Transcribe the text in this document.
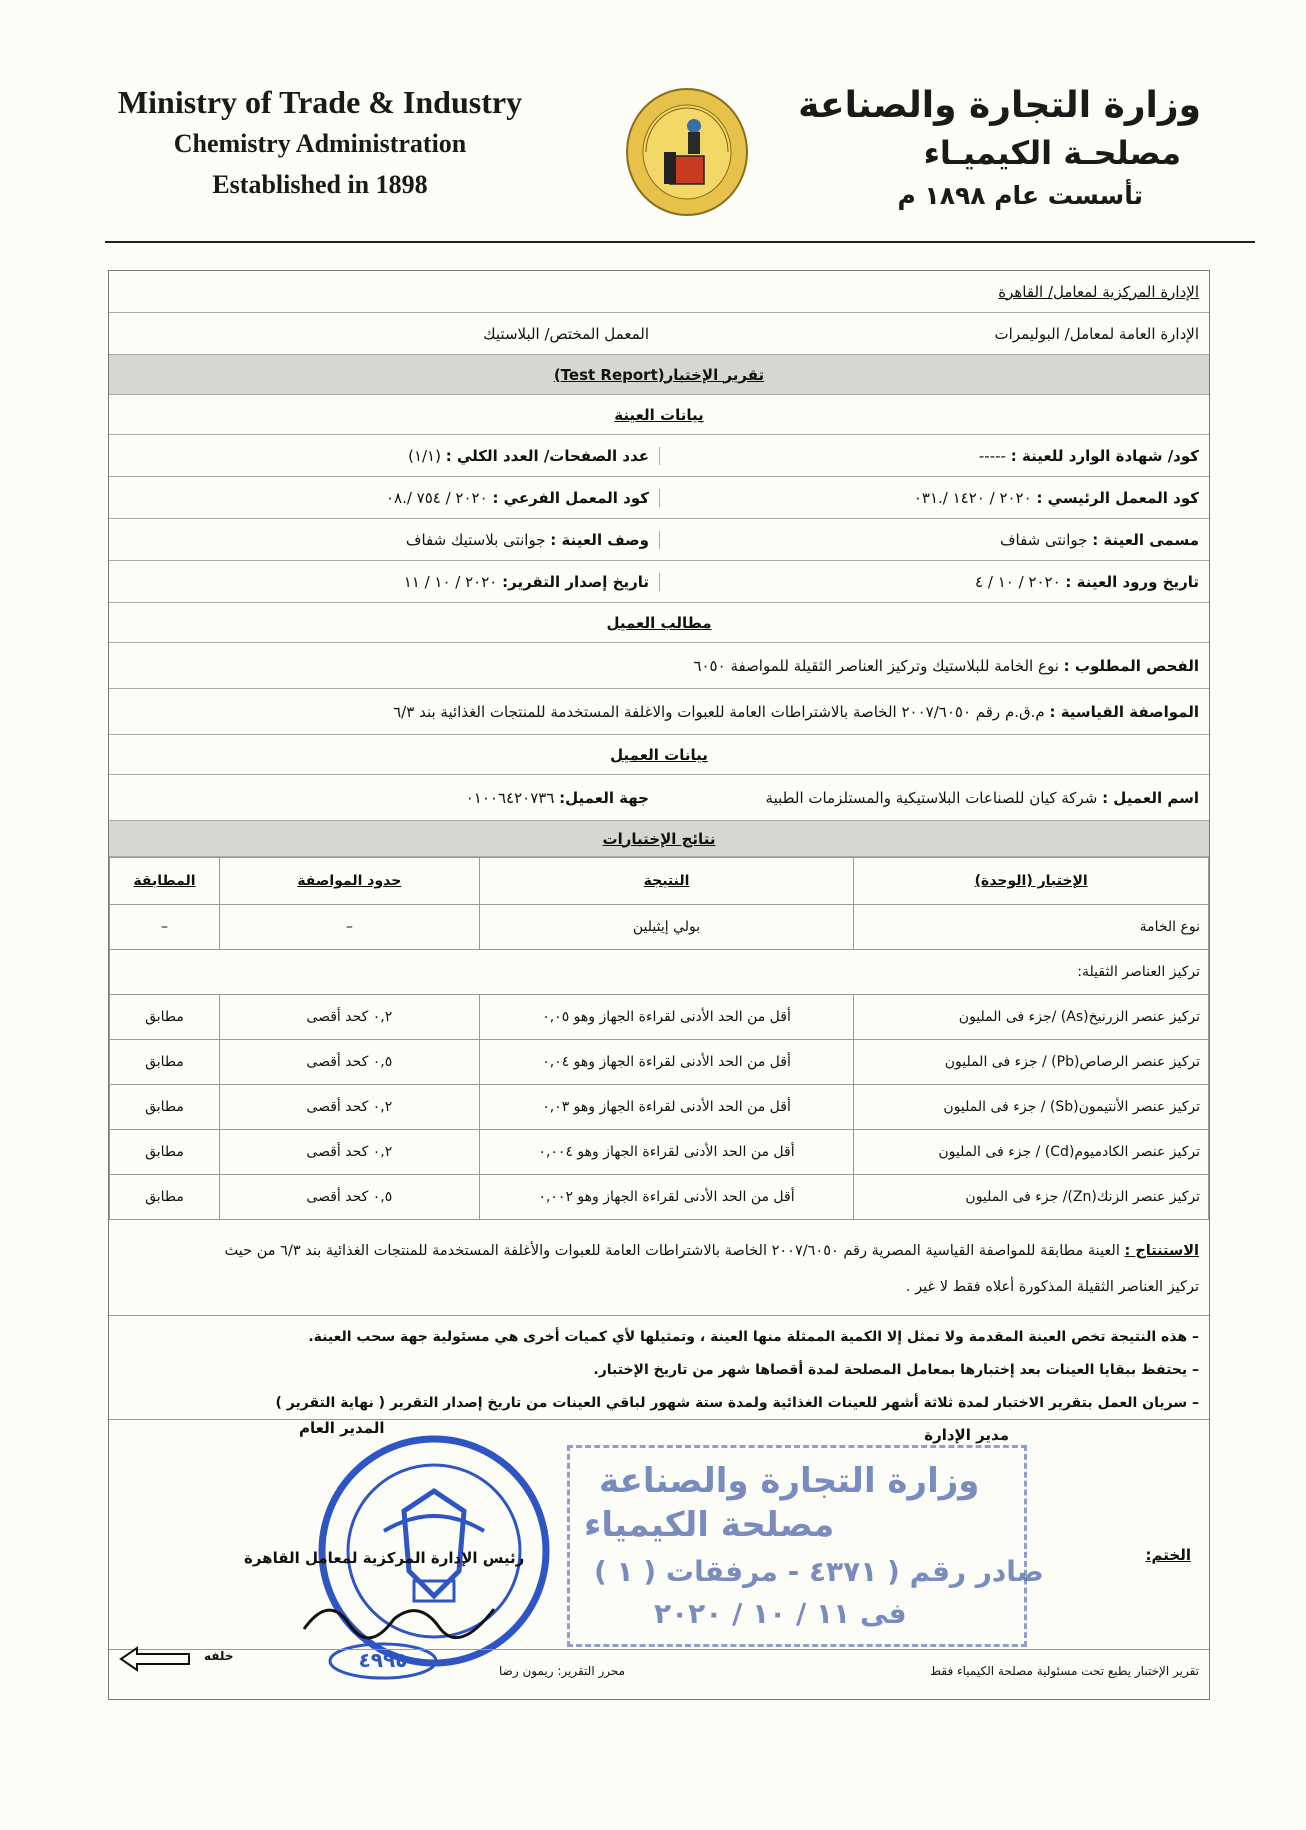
Ministry of Trade & Industry
Chemistry Administration
Established in 1898
وزارة التجارة والصناعة
مصلحـة الكيميـاء
تأسست عام ١٨٩٨ م
الإدارة المركزية لمعامل/ القاهرة
الإدارة العامة لمعامل/ البوليمرات
المعمل المختص/ البلاستيك
تقرير الإختبار(Test Report)
بيانات العينة
كود/ شهادة الوارد للعينة : -----
عدد الصفحات/ العدد الكلي : (١/١)
كود المعمل الرئيسي : ٢٠٢٠ / ١٤٢٠ /.٠٣١
كود المعمل الفرعي : ٢٠٢٠ / ٧٥٤ /.٠٨
مسمى العينة : جوانتى شفاف
وصف العينة : جوانتى بلاستيك شفاف
تاريخ ورود العينة : ٢٠٢٠ / ١٠ / ٤
تاريخ إصدار التقرير: ٢٠٢٠ / ١٠ / ١١
مطالب العميل
الفحص المطلوب : نوع الخامة للبلاستيك وتركيز العناصر الثقيلة للمواصفة ٦٠٥٠
المواصفة القياسية : م.ق.م رقم ٢٠٠٧/٦٠٥٠ الخاصة بالاشتراطات العامة للعبوات والاغلفة المستخدمة للمنتجات الغذائية بند ٦/٣
بيانات العميل
اسم العميل : شركة كيان للصناعات البلاستيكية والمستلزمات الطبية
جهة العميل: ٠١٠٠٦٤٢٠٧٣٦
نتائج الإختبارات
الإختبار (الوحدة)	النتيجة	حدود المواصفة	المطابقة
نوع الخامة	بولي إيثيلين	–	–
تركيز العناصر الثقيلة:			
تركيز عنصر الزرنيخ(As) /جزء فى المليون	أقل من الحد الأدنى لقراءة الجهاز وهو ٠,٠٥	٠,٢ كحد أقصى	مطابق
تركيز عنصر الرصاص(Pb) / جزء فى المليون	أقل من الحد الأدنى لقراءة الجهاز وهو ٠,٠٤	٠,٥ كحد أقصى	مطابق
تركيز عنصر الأنتيمون(Sb) / جزء فى المليون	أقل من الحد الأدنى لقراءة الجهاز وهو ٠,٠٣	٠,٢ كحد أقصى	مطابق
تركيز عنصر الكادميوم(Cd) / جزء فى المليون	أقل من الحد الأدنى لقراءة الجهاز وهو ٠,٠٠٤	٠,٢ كحد أقصى	مطابق
تركيز عنصر الزنك(Zn)/ جزء فى المليون	أقل من الحد الأدنى لقراءة الجهاز وهو ٠,٠٠٢	٠,٥ كحد أقصى	مطابق
الاستنتاج : العينة مطابقة للمواصفة القياسية المصرية رقم ٢٠٠٧/٦٠٥٠ الخاصة بالاشتراطات العامة للعبوات والأغلفة المستخدمة للمنتجات الغذائية بند ٦/٣ من حيث
تركيز العناصر الثقيلة المذكورة أعلاه فقط لا غير .
– هذه النتيجة تخص العينة المقدمة ولا تمثل إلا الكمية الممثلة منها العينة ، وتمثيلها لأي كميات أخرى هي مسئولية جهة سحب العينة.
– يحتفظ ببقايا العينات بعد إختبارها بمعامل المصلحة لمدة أقصاها شهر من تاريخ الإختبار.
– سريان العمل بتقرير الاختبار لمدة ثلاثة أشهر للعينات الغذائية ولمدة ستة شهور لباقي العينات من تاريخ إصدار التقرير ( نهاية التقرير )
مدير الإدارة
وزارة التجارة والصناعة
مصلحة الكيمياء
صادر رقم ( ٤٣٧١ - مرفقات ( ١ )
فى ١١ / ١٠ / ٢٠٢٠
الختم:
المدير العام
رئيس الإدارة المركزية لمعامل القاهرة
٤٩٩٥	تقرير الإختبار يطبع تحت مسئولية مصلحة الكيمياء فقط
محرر التقرير: ريمون رضا
خلفه
